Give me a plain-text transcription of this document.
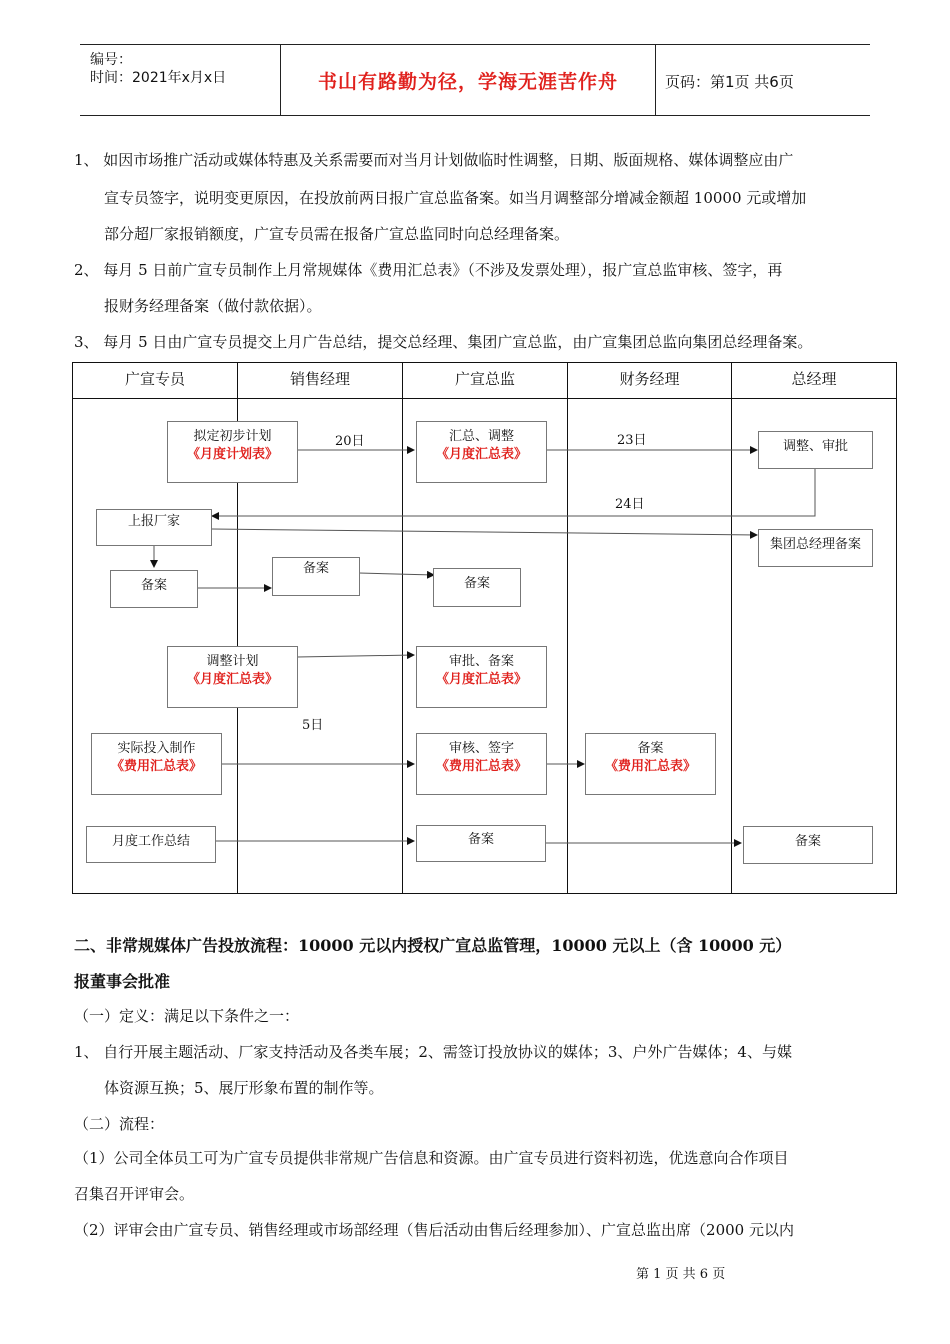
编号：
时间：2021年x月x日	书山有路勤为径，学海无涯苦作舟	页码：第1页 共6页
1、 如因市场推广活动或媒体特惠及关系需要而对当月计划做临时性调整，日期、版面规格、媒体调整应由广
宣专员签字，说明变更原因，在投放前两日报广宣总监备案。如当月调整部分增减金额超 10000 元或增加
部分超厂家报销额度，广宣专员需在报备广宣总监同时向总经理备案。
2、 每月 5 日前广宣专员制作上月常规媒体《费用汇总表》（不涉及发票处理），报广宣总监审核、签字，再
报财务经理备案（做付款依据）。
3、 每月 5 日由广宣专员提交上月广告总结，提交总经理、集团广宣总监，由广宣集团总监向集团总经理备案。
广宣专员	销售经理	广宣总监	财务经理	总经理
20日	23日
24日
5日
拟定初步计划
《月度计划表》
汇总、调整
《月度汇总表》
调整、审批
上报厂家
集团总经理备案
备案
备案
备案
调整计划
《月度汇总表》
审批、备案
《月度汇总表》
实际投入制作
《费用汇总表》
审核、签字
《费用汇总表》
备案
《费用汇总表》
月度工作总结	备案	备案
二、非常规媒体广告投放流程：10000 元以内授权广宣总监管理，10000 元以上（含 10000 元）
报董事会批准
（一）定义：满足以下条件之一：
1、 自行开展主题活动、厂家支持活动及各类车展；2、需签订投放协议的媒体；3、户外广告媒体；4、与媒
体资源互换；5、展厅形象布置的制作等。
（二）流程：
（1）公司全体员工可为广宣专员提供非常规广告信息和资源。由广宣专员进行资料初选，优选意向合作项目
召集召开评审会。
（2）评审会由广宣专员、销售经理或市场部经理（售后活动由售后经理参加）、广宣总监出席（2000 元以内
第 1 页 共 6 页
